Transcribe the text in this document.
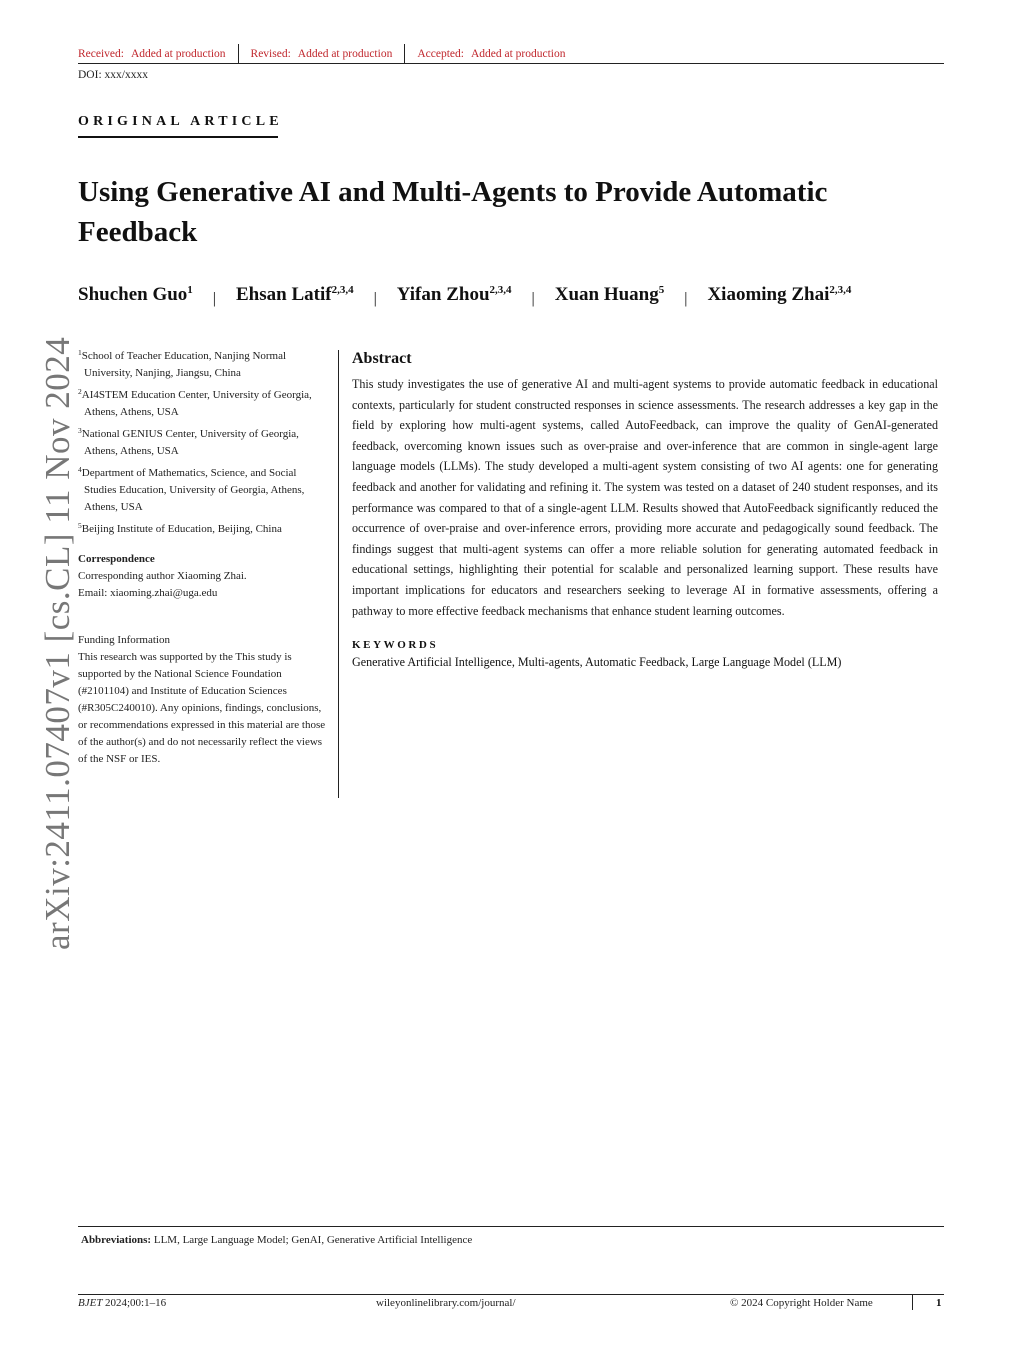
Received: Added at production Revised: Added at production Accepted: Added at production
DOI: xxx/xxxx
ORIGINAL ARTICLE
Using Generative AI and Multi-Agents to Provide Automatic Feedback
Shuchen Guo$^1$ | Ehsan Latif$^{2,3,4}$ | Yifan Zhou$^{2,3,4}$ | Xuan Huang$^5$ | Xiaoming Zhai$^{2,3,4}$
arXiv:2411.07407v1 [cs.CL] 11 Nov 2024 $^1$School of Teacher Education, Nanjing Normal University, Nanjing, Jiangsu, China
$^2$AI4STEM Education Center, University of Georgia, Athens, Athens, USA
$^3$National GENIUS Center, University of Georgia, Athens, Athens, USA
$^4$Department of Mathematics, Science, and Social Studies Education, University of Georgia, Athens, Athens, USA
$^5$Beijing Institute of Education, Beijing, China
Correspondence
Corresponding author Xiaoming Zhai.
Email: xiaoming.zhai@uga.edu
Funding Information
This research was supported by the This study is supported by the National Science Foundation (#2101104) and Institute of Education Sciences (#R305C240010). Any opinions, findings, conclusions, or recommendations expressed in this material are those of the author(s) and do not necessarily reflect the views of the NSF or IES.
Abstract
This study investigates the use of generative AI and multi-agent systems to provide automatic feedback in educational contexts, particularly for student constructed responses in science assessments. The research addresses a key gap in the field by exploring how multi-agent systems, called AutoFeedback, can improve the quality of GenAI-generated feedback, overcoming known issues such as over-praise and over-inference that are common in single-agent large language models (LLMs). The study developed a multi-agent system consisting of two AI agents: one for generating feedback and another for validating and refining it. The system was tested on a dataset of 240 student responses, and its performance was compared to that of a single-agent LLM. Results showed that AutoFeedback significantly reduced the occurrence of over-praise and over-inference errors, providing more accurate and pedagogically sound feedback. The findings suggest that multi-agent systems can offer a more reliable solution for generating automated feedback in educational settings, highlighting their potential for scalable and personalized learning support. These results have important implications for educators and researchers seeking to leverage AI in formative assessments, offering a pathway to more effective feedback mechanisms that enhance student learning outcomes.
KEYWORDS
Generative Artificial Intelligence, Multi-agents, Automatic Feedback, Large Language Model (LLM)
Abbreviations: LLM, Large Language Model; GenAI, Generative Artificial Intelligence
BJET 2024;00:1–16	wileyonlinelibrary.com/journal/	© 2024 Copyright Holder Name	1
